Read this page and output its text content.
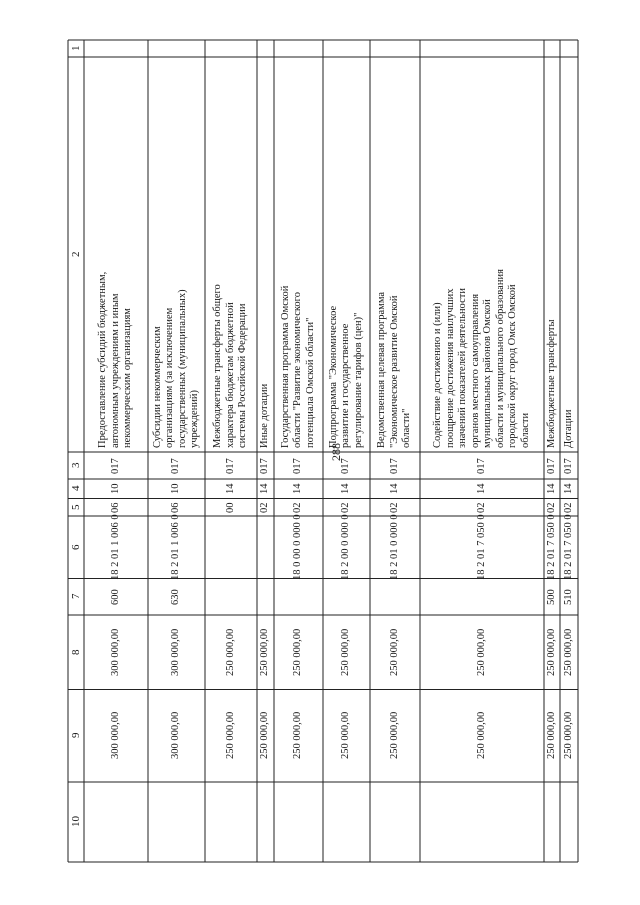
288
1
2
3
4
5
6
7
8
9
10
Предоставление субсидий бюджетным, автономным учреждениям и иным некоммерческим организациям
017
10
06
18 2 01 1 006 0
600
300 000,00
300 000,00
Субсидии некоммерческим организациям (за исключением государственных (муниципальных) учреждений)
017
10
06
18 2 01 1 006 0
630
300 000,00
300 000,00
Межбюджетные трансферты общего характера бюджетам бюджетной системы Российской Федерации
017
14
00
250 000,00
250 000,00
Иные дотации
017
14
02
250 000,00
250 000,00
Государственная программа Омской области "Развитие экономического потенциала Омской области"
017
14
02
18 0 00 0 000 0
250 000,00
250 000,00
Подпрограмма "Экономическое развитие и государственное регулирование тарифов (цен)"
017
14
02
18 2 00 0 000 0
250 000,00
250 000,00
Ведомственная целевая программа "Экономическое развитие Омской области"
017
14
02
18 2 01 0 000 0
250 000,00
250 000,00
Содействие достижению и (или) поощрение достижения наилучших значений показателей деятельности органов местного самоуправления муниципальных районов Омской области и муниципального образования городской округ город Омск Омской области
017
14
02
18 2 01 7 050 0
250 000,00
250 000,00
Межбюджетные трансферты
017
14
02
18 2 01 7 050 0
500
250 000,00
250 000,00
Дотации
017
14
02
18 2 01 7 050 0
510
250 000,00
250 000,00
